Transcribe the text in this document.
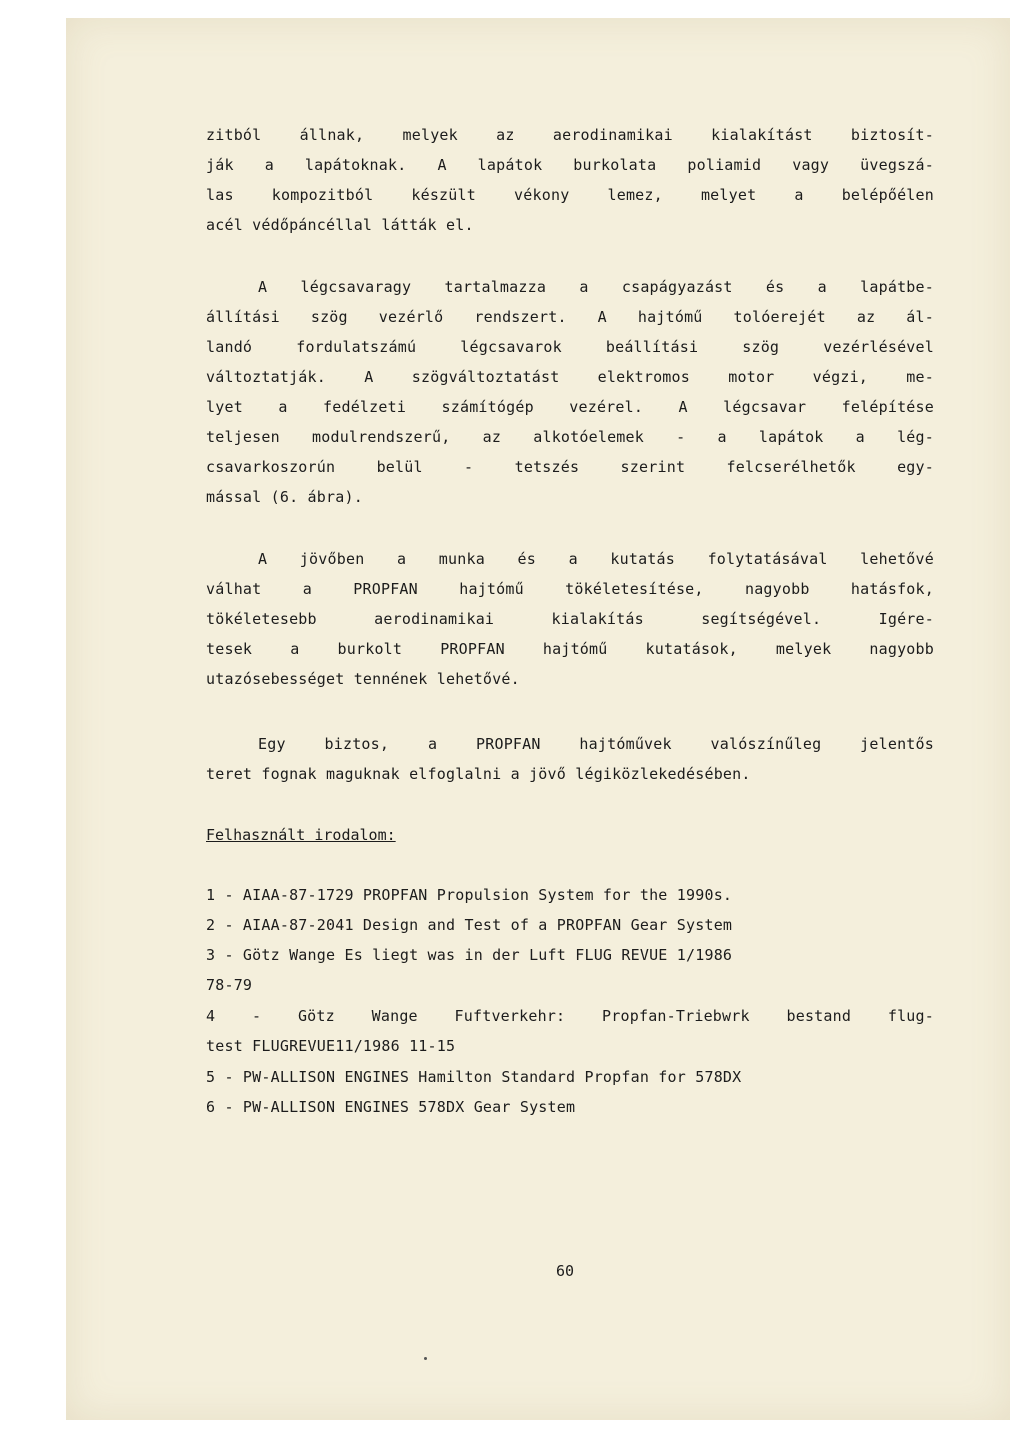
zitból állnak, melyek az aerodinamikai kialakítást biztosít-
ják a lapátoknak. A lapátok burkolata poliamid vagy üvegszá-
las kompozitból készült vékony lemez, melyet a belépőélen
acél védőpáncéllal látták el.
A légcsavaragy tartalmazza a csapágyazást és a lapátbe-
állítási szög vezérlő rendszert. A hajtómű tolóerejét az ál-
landó fordulatszámú légcsavarok beállítási szög vezérlésével
változtatják. A szögváltoztatást elektromos motor végzi, me-
lyet a fedélzeti számítógép vezérel. A légcsavar felépítése
teljesen modulrendszerű, az alkotóelemek - a lapátok a lég-
csavarkoszorún belül - tetszés szerint felcserélhetők egy-
mással (6. ábra).
A jövőben a munka és a kutatás folytatásával lehetővé
válhat a PROPFAN hajtómű tökéletesítése, nagyobb hatásfok,
tökéletesebb aerodinamikai kialakítás segítségével. Igére-
tesek a burkolt PROPFAN hajtómű kutatások, melyek nagyobb
utazósebességet tennének lehetővé.
Egy biztos, a PROPFAN hajtóművek valószínűleg jelentős
teret fognak maguknak elfoglalni a jövő légiközlekedésében.
Felhasznált irodalom:
1 - AIAA-87-1729 PROPFAN Propulsion System for the 1990s.
2 - AIAA-87-2041 Design and Test of a PROPFAN Gear System
3 - Götz Wange Es liegt was in der Luft FLUG REVUE 1/1986
78-79
4 - Götz Wange Fuftverkehr: Propfan-Triebwrk bestand flug-
test FLUGREVUE11/1986 11-15
5 - PW-ALLISON ENGINES Hamilton Standard Propfan for 578DX
6 - PW-ALLISON ENGINES 578DX Gear System
60
